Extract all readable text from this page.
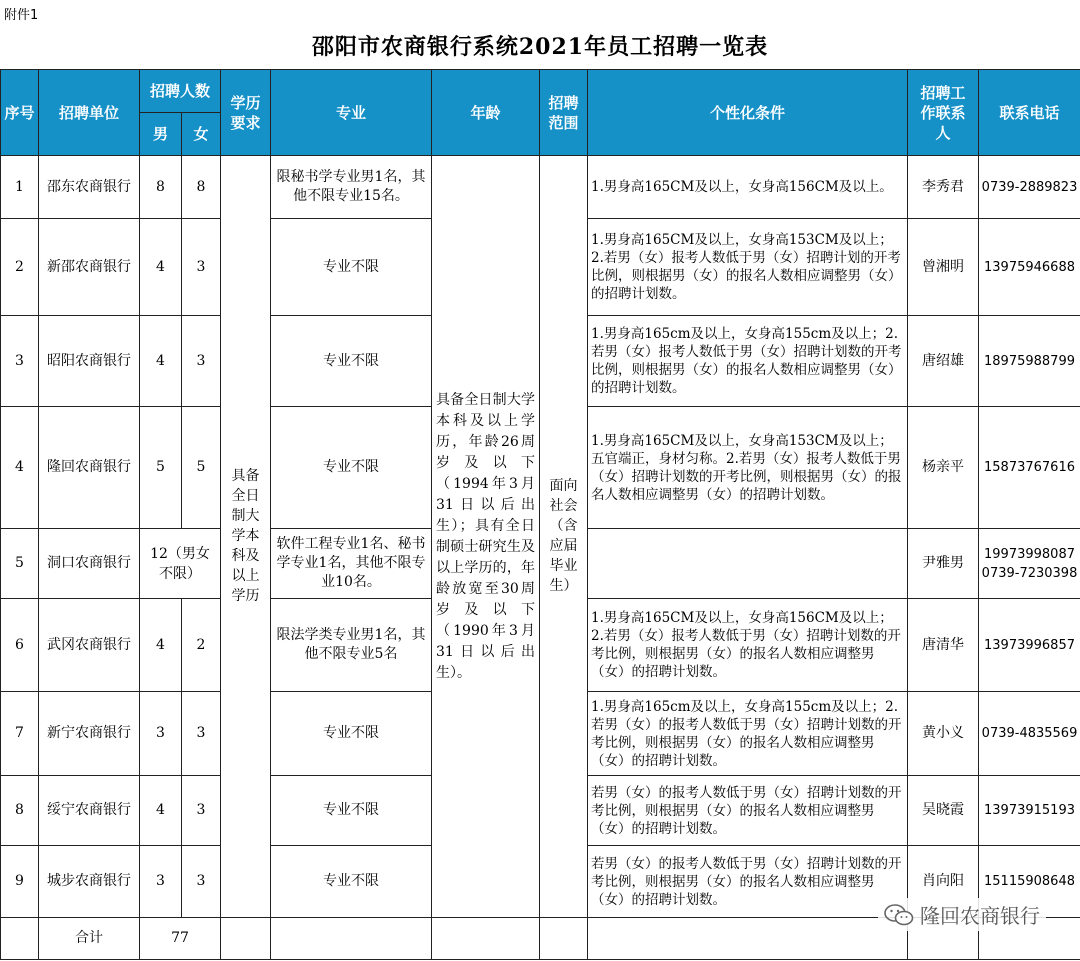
附件1
邵阳市农商银行系统2021年员工招聘一览表
序号	招聘单位	招聘人数		学历要求	专业	年龄	招聘范围	个性化条件	招聘工作联系人	联系电话
		男	女							
1	邵东农商银行	8	8	具备全日制大学本科及以上学历	限秘书学专业男1名，其他不限专业15名。	具备全日制大学本科及以上学历，年龄26周岁及以下（1994年3月31日以后出生）；具有全日制硕士研究生及以上学历的，年龄放宽至30周岁及以下（1990年3月31日以后出生）。	面向社会（含应届毕业生）	1.男身高165CM及以上，女身高156CM及以上。	李秀君	0739-2889823
2	新邵农商银行	4	3		专业不限			1.男身高165CM及以上，女身高153CM及以上；2.若男（女）报考人数低于男（女）招聘计划的开考比例，则根据男（女）的报名人数相应调整男（女）的招聘计划数。	曾湘明	13975946688
3	昭阳农商银行	4	3		专业不限			1.男身高165cm及以上，女身高155cm及以上；2.若男（女）报考人数低于男（女）招聘计划数的开考比例，则根据男（女）的报名人数相应调整男（女）的招聘计划数。	唐绍雄	18975988799
4	隆回农商银行	5	5		专业不限			1.男身高165CM及以上，女身高153CM及以上；五官端正，身材匀称。2.若男（女）报考人数低于男（女）招聘计划数的开考比例，则根据男（女）的报名人数相应调整男（女）的招聘计划数。	杨亲平	15873767616
5	洞口农商银行	12（男女不限）			软件工程专业1名、秘书学专业1名，其他不限专业10名。				尹雅男	19973998087
0739-7230398

6	武冈农商银行	4	2		限法学类专业男1名，其他不限专业5名			1.男身高165CM及以上，女身高156CM及以上；2.若男（女）报考人数低于男（女）招聘计划数的开考比例，则根据男（女）的报名人数相应调整男（女）的招聘计划数。	唐清华	13973996857
7	新宁农商银行	3	3		专业不限			1.男身高165cm及以上，女身高155cm及以上；2.若男（女）的报考人数低于男（女）招聘计划数的开考比例，则根据男（女）的报名人数相应调整男（女）的招聘计划数。	黄小义	0739-4835569
8	绥宁农商银行	4	3		专业不限			若男（女）的报考人数低于男（女）招聘计划数的开考比例，则根据男（女）的报名人数相应调整男（女）的招聘计划数。	吴晓霞	13973915193
9	城步农商银行	3	3		专业不限			若男（女）的报考人数低于男（女）招聘计划数的开考比例，则根据男（女）的报名人数相应调整男（女）的招聘计划数。	肖向阳	15115908648
	合计	77								
隆回农商银行
